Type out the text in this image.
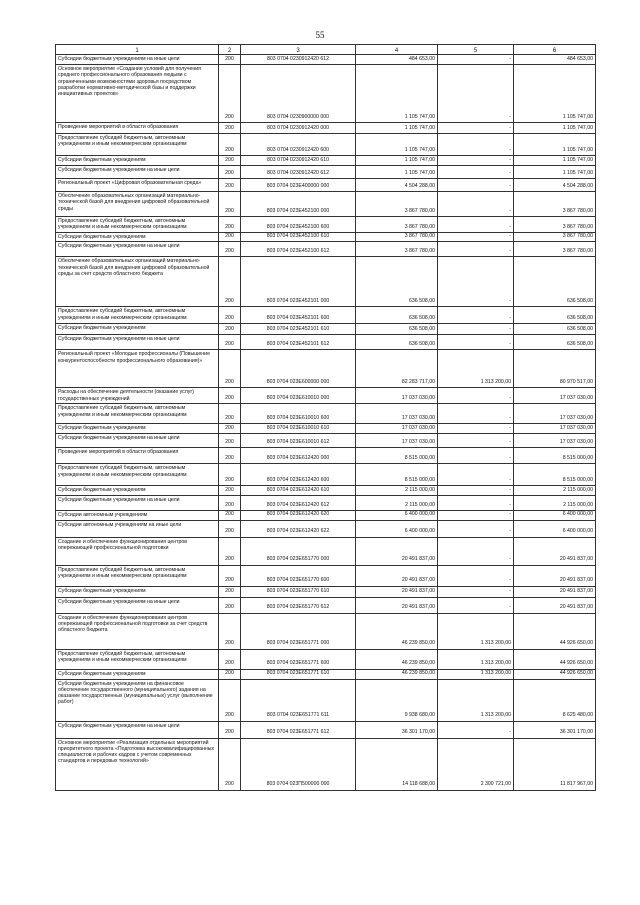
55
1	2	3	4	5	6
Субсидии бюджетным учреждениям на иные цели	200	803 0704 0230912420 612	484 653,00	-	484 653,00
Основное мероприятие «Создание условий для получения среднего профессионального образования людьми с ограниченными возможностями здоровья посредством разработки нормативно-методической базы и поддержки инициативных проектов»	200	803 0704 0230900000 000	1 105 747,00	-	1 105 747,00
Проведение мероприятий в области образования	200	803 0704 0230912420 000	1 105 747,00	-	1 105 747,00
Предоставление субсидий бюджетным, автономным учреждениям и иным некоммерческим организациям	200	803 0704 0230912420 600	1 105 747,00	-	1 105 747,00
Субсидии бюджетным учреждениям	200	803 0704 0230912420 610	1 105 747,00	-	1 105 747,00
Субсидии бюджетным учреждениям на иные цели	200	803 0704 0230912420 612	1 105 747,00	-	1 105 747,00
Региональный проект «Цифровая образовательная среда»	200	803 0704 023E400000 000	4 504 288,00	-	4 504 288,00
Обеспечение образовательных организаций материально-технической базой для внедрения цифровой образовательной среды	200	803 0704 023E452100 000	3 867 780,00	-	3 867 780,00
Предоставление субсидий бюджетным, автономным учреждениям и иным некоммерческим организациям	200	803 0704 023E452100 600	3 867 780,00	-	3 867 780,00
Субсидии бюджетным учреждениям	200	803 0704 023E452100 610	3 867 780,00	-	3 867 780,00
Субсидии бюджетным учреждениям на иные цели	200	803 0704 023E452100 612	3 867 780,00	-	3 867 780,00
Обеспечение образовательных организаций материально-технической базой для внедрения цифровой образовательной среды за счет средств областного бюджета	200	803 0704 023E452101 000	636 508,00	-	636 508,00
Предоставление субсидий бюджетным, автономным учреждениям и иным некоммерческим организациям	200	803 0704 023E452101 600	636 508,00	-	636 508,00
Субсидии бюджетным учреждениям	200	803 0704 023E452101 610	636 508,00	-	636 508,00
Субсидии бюджетным учреждениям на иные цели	200	803 0704 023E452101 612	636 508,00	-	636 508,00
Региональный проект «Молодые профессионалы (Повышение конкурентоспособности профессионального образования)»	200	803 0704 023E600000 000	82 283 717,00	1 313 200,00	80 970 517,00
Расходы на обеспечение деятельности (оказание услуг) государственных учреждений	200	803 0704 023E610010 000	17 037 030,00	-	17 037 030,00
Предоставление субсидий бюджетным, автономным учреждениям и иным некоммерческим организациям	200	803 0704 023E610010 600	17 037 030,00	-	17 037 030,00
Субсидии бюджетным учреждениям	200	803 0704 023E610010 610	17 037 030,00	-	17 037 030,00
Субсидии бюджетным учреждениям на иные цели	200	803 0704 023E610010 612	17 037 030,00	-	17 037 030,00
Проведение мероприятий в области образования	200	803 0704 023E612420 000	8 515 000,00	-	8 515 000,00
Предоставление субсидий бюджетным, автономным учреждениям и иным некоммерческим организациям	200	803 0704 023E612420 600	8 515 000,00	-	8 515 000,00
Субсидии бюджетным учреждениям	200	803 0704 023E612420 610	2 115 000,00	-	2 115 000,00
Субсидии бюджетным учреждениям на иные цели	200	803 0704 023E612420 612	2 115 000,00	-	2 115 000,00
Субсидии автономным учреждениям	200	803 0704 023E612420 620	6 400 000,00	-	6 400 000,00
Субсидии автономным учреждениям на иные цели	200	803 0704 023E612420 622	6 400 000,00	-	6 400 000,00
Создание и обеспечение функционирования центров опережающей профессиональной подготовки	200	803 0704 023E651770 000	20 491 837,00	-	20 491 837,00
Предоставление субсидий бюджетным, автономным учреждениям и иным некоммерческим организациям	200	803 0704 023E651770 600	20 491 837,00	-	20 491 837,00
Субсидии бюджетным учреждениям	200	803 0704 023E651770 610	20 491 837,00	-	20 491 837,00
Субсидии бюджетным учреждениям на иные цели	200	803 0704 023E651770 612	20 491 837,00	-	20 491 837,00
Создание и обеспечение функционирования центров опережающей профессиональной подготовки за счет средств областного бюджета	200	803 0704 023E651771 000	46 239 850,00	1 313 200,00	44 926 650,00
Предоставление субсидий бюджетным, автономным учреждениям и иным некоммерческим организациям	200	803 0704 023E651771 600	46 239 850,00	1 313 200,00	44 926 650,00
Субсидии бюджетным учреждениям	200	803 0704 023E651771 610	46 239 850,00	1 313 200,00	44 926 650,00
Субсидии бюджетным учреждениям на финансовое обеспечение государственного (муниципального) задания на оказание государственных (муниципальных) услуг (выполнение работ)	200	803 0704 023E651771 611	9 938 680,00	1 313 200,00	8 625 480,00
Субсидии бюджетным учреждениям на иные цели	200	803 0704 023E651771 612	36 301 170,00	-	36 301 170,00
Основное мероприятие «Реализация отдельных мероприятий приоритетного проекта «Подготовка высококвалифицированных специалистов и рабочих кадров с учетом современных стандартов и передовых технологий»	200	803 0704 023П500000 000	14 118 688,00	2 300 721,00	11 817 967,00
